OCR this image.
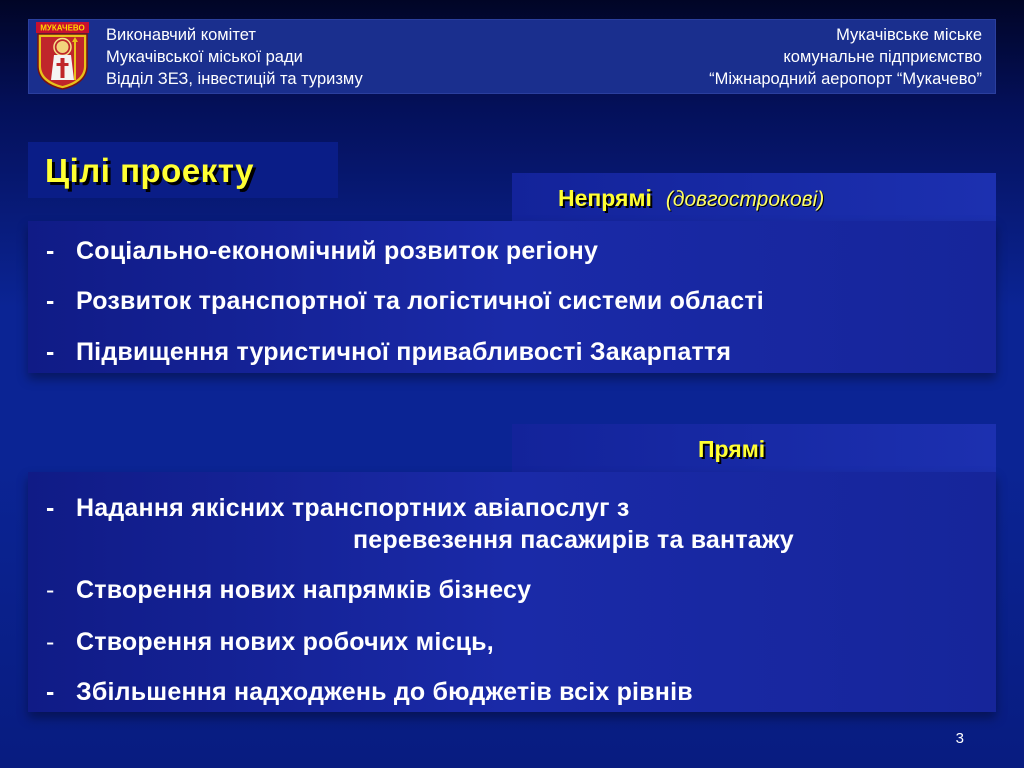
МУКАЧЕВО Виконавчий комітет
Мукачівської міської ради
Відділ ЗЕЗ, інвестицій та туризму
Мукачівське міське
комунальне підприємство
“Міжнародний аеропорт “Мукачево”
Цілі проекту
Непрямі (довгострокові)
- Соціально-економічний розвиток регіону
- Розвиток транспортної та логістичної системи області
- Підвищення туристичної привабливості Закарпаття
Прямі
- Надання якісних транспортних авіапослуг з
перевезення пасажирів та вантажу
- Створення нових напрямків бізнесу
- Створення нових робочих місць,
- Збільшення надходжень до бюджетів всіх рівнів
3
